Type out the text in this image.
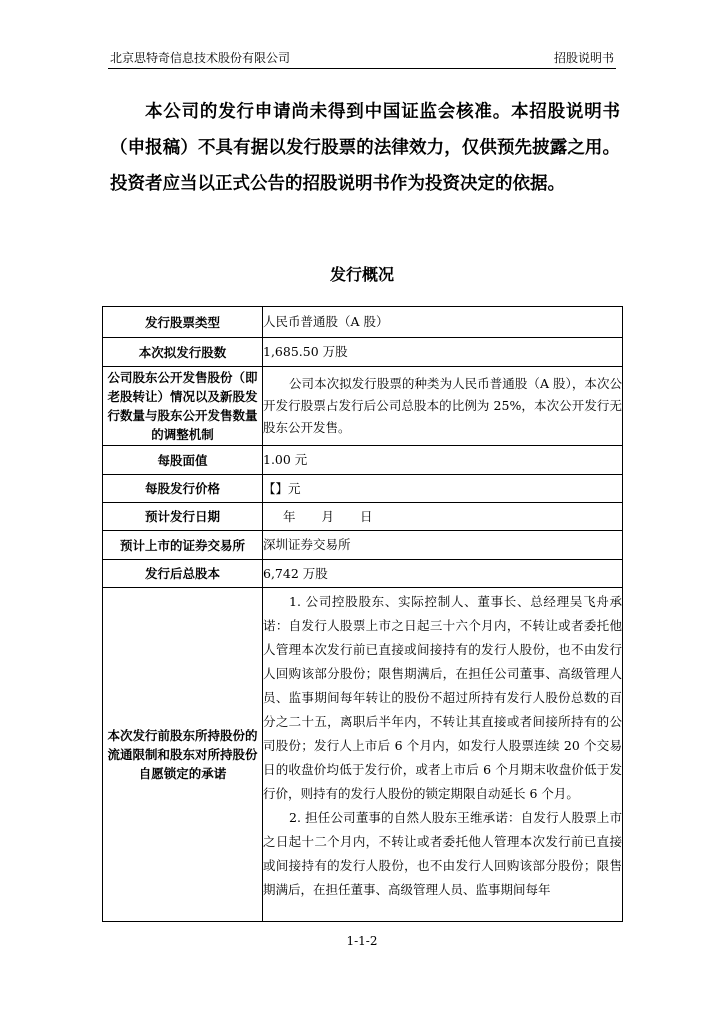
北京思特奇信息技术股份有限公司	招股说明书
本公司的发行申请尚未得到中国证监会核准。本招股说明书（申报稿）不具有据以发行股票的法律效力，仅供预先披露之用。投资者应当以正式公告的招股说明书作为投资决定的依据。
发行概况
发行股票类型	人民币普通股（A 股）
本次拟发行股数	1,685.50 万股
公司股东公开发售股份（即老股转让）情况以及新股发行数量与股东公开发售数量的调整机制	公司本次拟发行股票的种类为人民币普通股（A 股），本次公开发行股票占发行后公司总股本的比例为 25%，本次公开发行无股东公开发售。
每股面值	1.00 元
每股发行价格	【】元
预计发行日期	年 月 日
预计上市的证券交易所	深圳证券交易所
发行后总股本	6,742 万股
本次发行前股东所持股份的流通限制和股东对所持股份自愿锁定的承诺	1. 公司控股股东、实际控制人、董事长、总经理吴飞舟承诺：自发行人股票上市之日起三十六个月内，不转让或者委托他人管理本次发行前已直接或间接持有的发行人股份，也不由发行人回购该部分股份；限售期满后，在担任公司董事、高级管理人员、监事期间每年转让的股份不超过所持有发行人股份总数的百分之二十五，离职后半年内，不转让其直接或者间接所持有的公司股份；发行人上市后 6 个月内，如发行人股票连续 20 个交易日的收盘价均低于发行价，或者上市后 6 个月期末收盘价低于发行价，则持有的发行人股份的锁定期限自动延长 6 个月。

2. 担任公司董事的自然人股东王维承诺：自发行人股票上市之日起十二个月内，不转让或者委托他人管理本次发行前已直接或间接持有的发行人股份，也不由发行人回购该部分股份；限售期满后，在担任董事、高级管理人员、监事期间每年

1-1-2
